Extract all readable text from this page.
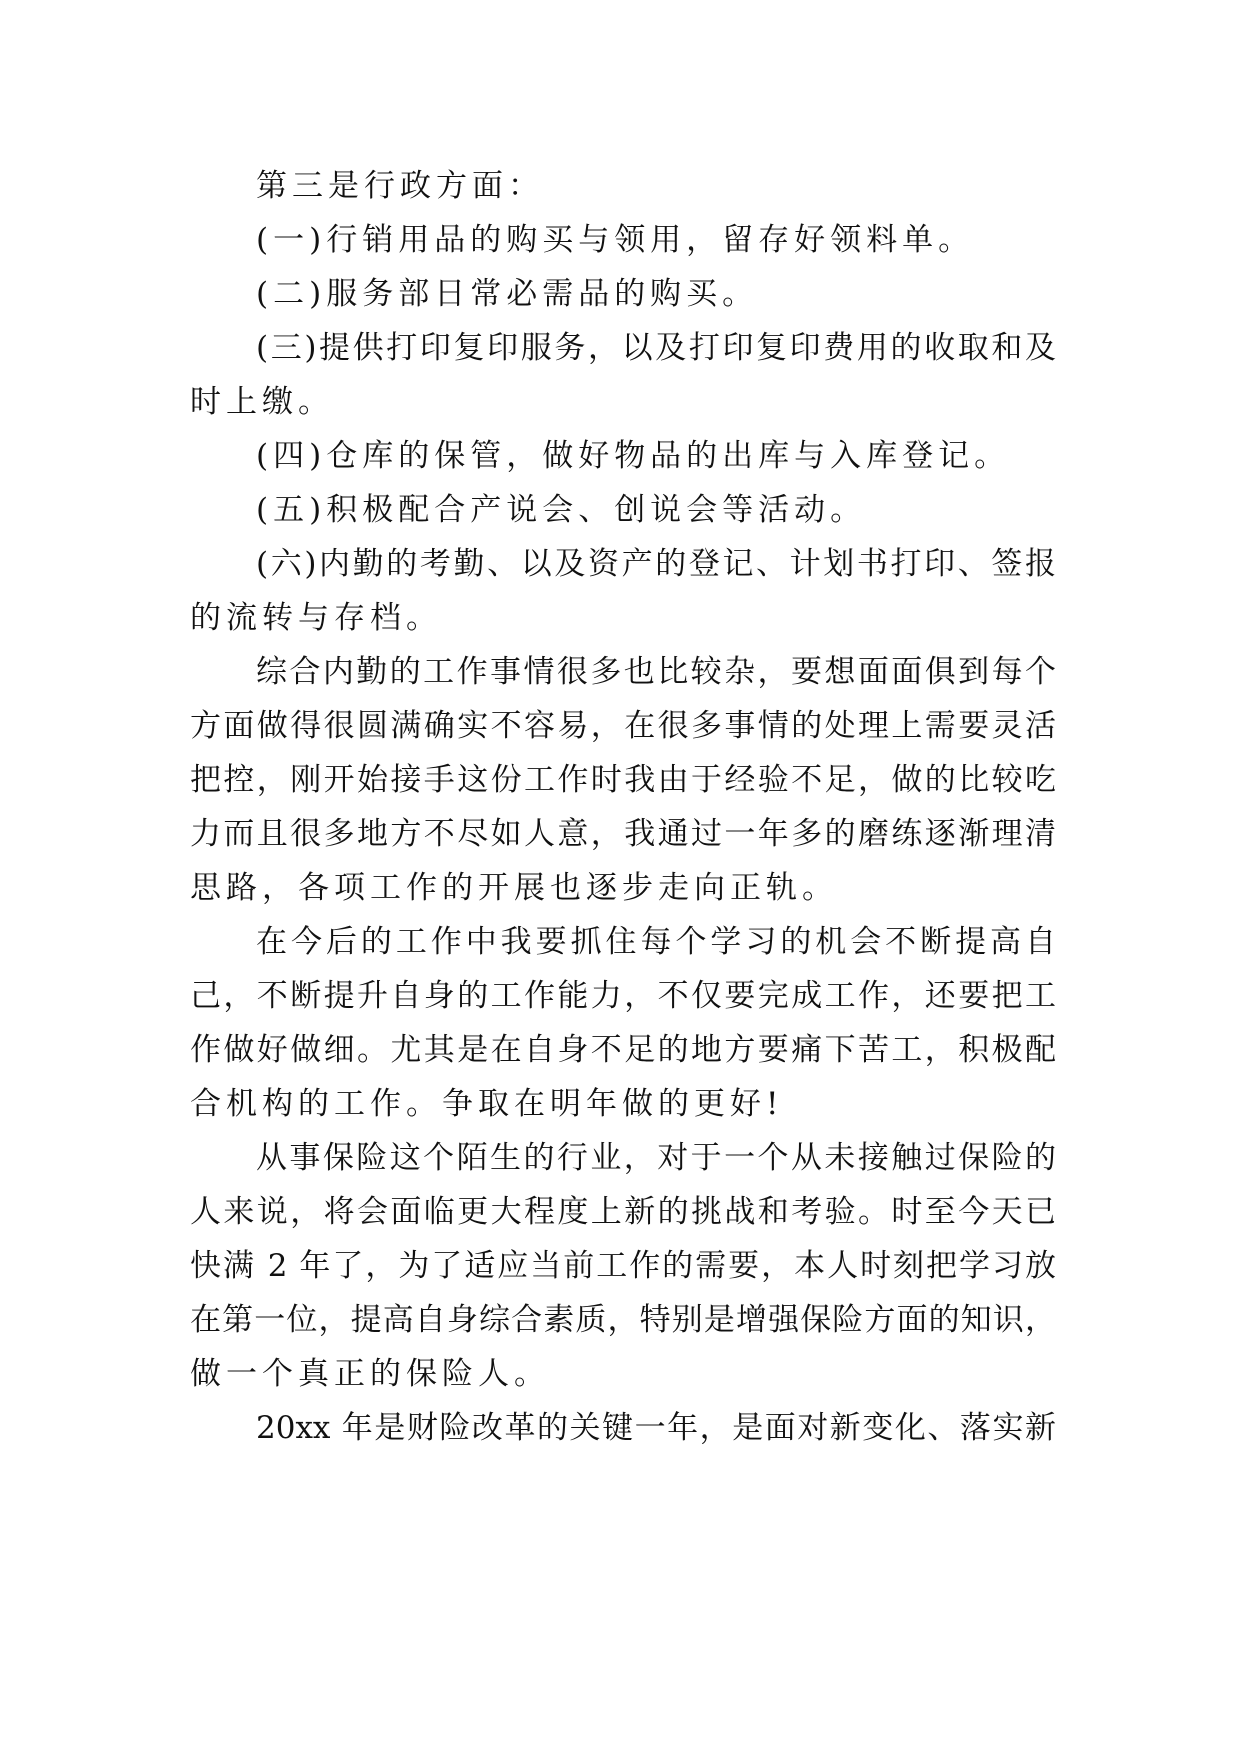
第三是行政方面：
(一)行销用品的购买与领用，留存好领料单。
(二)服务部日常必需品的购买。
(三)提供打印复印服务，以及打印复印费用的收取和及
时上缴。
(四)仓库的保管，做好物品的出库与入库登记。
(五)积极配合产说会、创说会等活动。
(六)内勤的考勤、以及资产的登记、计划书打印、签报
的流转与存档。
综合内勤的工作事情很多也比较杂，要想面面俱到每个
方面做得很圆满确实不容易，在很多事情的处理上需要灵活
把控，刚开始接手这份工作时我由于经验不足，做的比较吃
力而且很多地方不尽如人意，我通过一年多的磨练逐渐理清
思路，各项工作的开展也逐步走向正轨。
在今后的工作中我要抓住每个学习的机会不断提高自
己，不断提升自身的工作能力，不仅要完成工作，还要把工
作做好做细。尤其是在自身不足的地方要痛下苦工，积极配
合机构的工作。争取在明年做的更好!
从事保险这个陌生的行业，对于一个从未接触过保险的
人来说，将会面临更大程度上新的挑战和考验。时至今天已
快满 2 年了，为了适应当前工作的需要，本人时刻把学习放
在第一位，提高自身综合素质，特别是增强保险方面的知识，
做一个真正的保险人。
20xx 年是财险改革的关键一年，是面对新变化、落实新
